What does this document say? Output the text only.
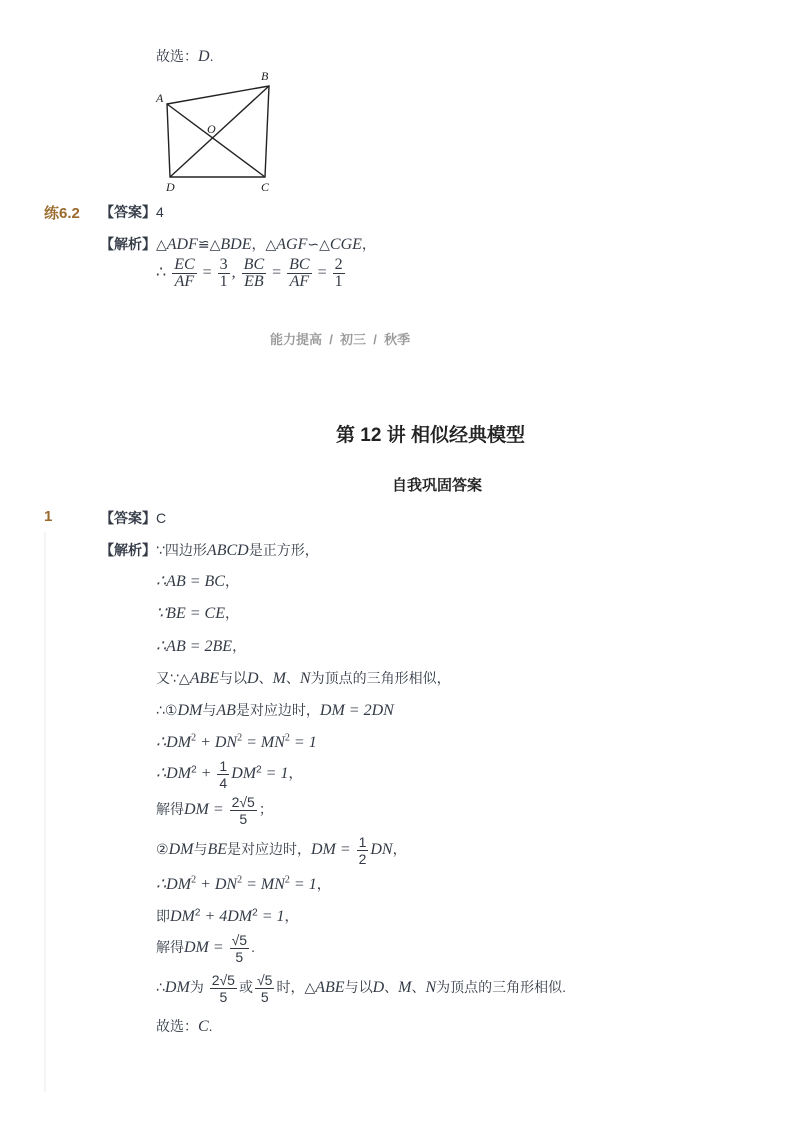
故选：D.
A
B
C
D
O
练6.2 【答案】4
【解析】△ADF≌△BDE，△AGF∽△CGE，
∴ $\frac{EC}{AF} = \frac{3}{1}$ , $\frac{BC}{EB} = \frac{BC}{AF} = \frac{2}{1}$
能力提高  /  初三  /  秋季
第 12 讲 相似经典模型
自我巩固答案
1	【答案】C
【解析】∵四边形ABCD是正方形，
∴AB = BC，
∵BE = CE，
∴AB = 2BE，
又∵△ABE与以D、M、N为顶点的三角形相似，
∴①DM与AB是对应边时，DM = 2DN
$\therefore DM^2 + DN^2 = MN^2 = 1$
$\therefore DM^2 + \frac{1}{4} DM^2 = 1$，
解得DM = $\frac{2√5}{5}$ ；
②DM与BE是对应边时，DM = $\frac{1}{2}$ DN，
$\therefore DM^2 + DN^2 = MN^2 = 1$，
即$DM^2 + 4DM^2 = 1$，
解得DM = $\frac{√5}{5}$ .
∴DM为 $\frac{2√5}{5}$ 或 $\frac{√5}{5}$ 时，△ABE与以D、M、N为顶点的三角形相似.
故选：C.
